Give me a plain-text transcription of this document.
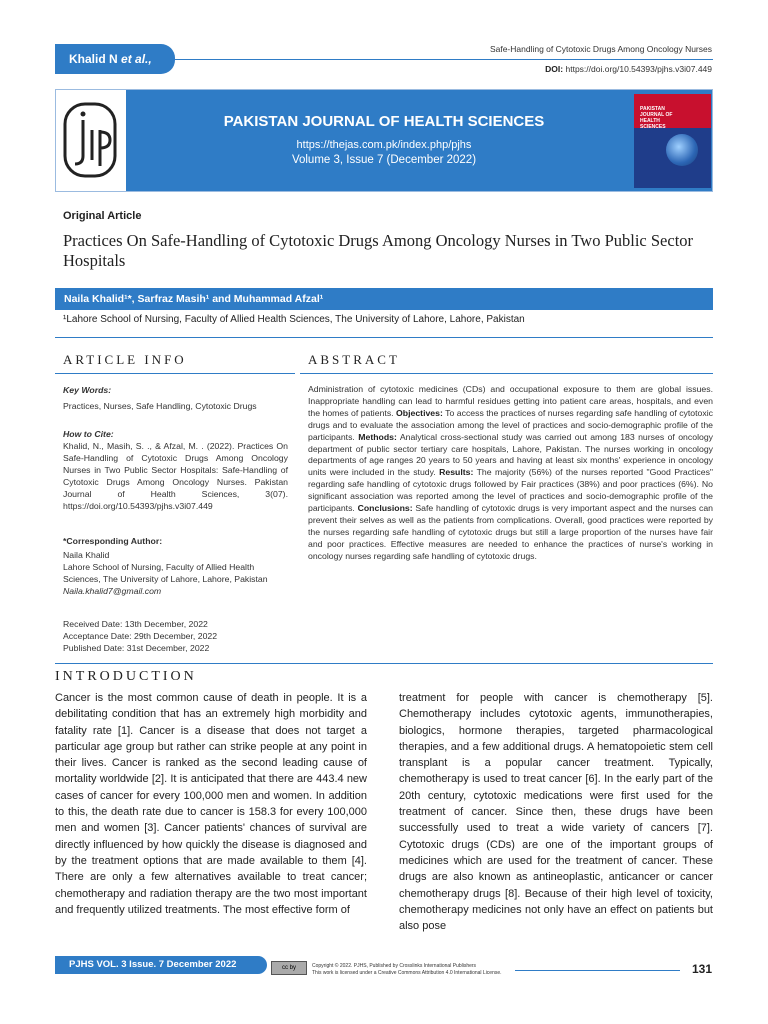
Khalid N et al.,
Safe-Handling of Cytotoxic Drugs Among Oncology Nurses
DOI: https://doi.org/10.54393/pjhs.v3i07.449
PAKISTAN JOURNAL OF HEALTH SCIENCES
https://thejas.com.pk/index.php/pjhs
Volume 3, Issue 7 (December 2022)
PAKISTAN JOURNAL OF HEALTH SCIENCES
Original Article
Practices On Safe-Handling of Cytotoxic Drugs Among Oncology Nurses in Two Public Sector Hospitals
Naila Khalid¹*, Sarfraz Masih¹ and Muhammad Afzal¹
¹Lahore School of Nursing, Faculty of Allied Health Sciences, The University of Lahore, Lahore, Pakistan
ARTICLE INFO
Key Words:
Practices, Nurses, Safe Handling, Cytotoxic Drugs
How to Cite:
Khalid, N., Masih, S. ., & Afzal, M. . (2022). Practices On Safe-Handling of Cytotoxic Drugs Among Oncology Nurses in Two Public Sector Hospitals: Safe-Handling of Cytotoxic Drugs Among Oncology Nurses. Pakistan Journal of Health Sciences, 3(07). https://doi.org/10.54393/pjhs.v3i07.449
*Corresponding Author:
Naila Khalid
Lahore School of Nursing, Faculty of Allied Health Sciences, The University of Lahore, Lahore, Pakistan
Naila.khalid7@gmail.com
Received Date: 13th December, 2022
Acceptance Date: 29th December, 2022
Published Date: 31st December, 2022
ABSTRACT
Administration of cytotoxic medicines (CDs) and occupational exposure to them are global issues. Inappropriate handling can lead to harmful residues getting into patient care areas, hospitals, and even the homes of patients. Objectives: To access the practices of nurses regarding safe handling of cytotoxic drugs and to evaluate the association among the level of practices and socio-demographic profile of the participants. Methods: Analytical cross-sectional study was carried out among 183 nurses of oncology department of public sector tertiary care hospitals, Lahore, Pakistan. The nurses working in oncology departments of age ranges 20 years to 50 years and having at least six months' experience in oncology units were included in the study. Results: The majority (56%) of the nurses reported "Good Practices" regarding safe handling of cytotoxic drugs followed by Fair practices (38%) and poor practices (6%). No significant association was reported among the level of practices and socio-demographic profile of the participants. Conclusions: Safe handling of cytotoxic drugs is very important aspect and the nurses can prevent their selves as well as the patients from complications. Overall, good practices were reported by the nurses regarding safe handling of cytotoxic drugs but still a large proportion of the nurses have fair and poor practices. Effective measures are needed to enhance the practices of nurse's working in oncology nurses regarding safe handling of cytotoxic drugs.
INTRODUCTION
Cancer is the most common cause of death in people. It is a debilitating condition that has an extremely high morbidity and fatality rate [1]. Cancer is a disease that does not target a particular age group but rather can strike people at any point in their lives. Cancer is ranked as the second leading cause of mortality worldwide [2]. It is anticipated that there are 443.4 new cases of cancer for every 100,000 men and women. In addition to this, the death rate due to cancer is 158.3 for every 100,000 men and women [3]. Cancer patients' chances of survival are directly influenced by how quickly the disease is diagnosed and by the treatment options that are made available to them [4]. There are only a few alternatives available to treat cancer; chemotherapy and radiation therapy are the two most important and frequently utilized treatments. The most effective form of
treatment for people with cancer is chemotherapy [5]. Chemotherapy includes cytotoxic agents, immunotherapies, biologics, hormone therapies, targeted pharmacological therapies, and a few additional drugs. A hematopoietic stem cell transplant is a popular cancer treatment. Typically, chemotherapy is used to treat cancer [6]. In the early part of the 20th century, cytotoxic medications were first used for the treatment of cancer. Since then, these drugs have been successfully used to treat a wide variety of cancers [7]. Cytotoxic drugs (CDs) are one of the important groups of medicines which are used for the treatment of cancer. These drugs are also known as antineoplastic, anticancer or cancer chemotherapy drugs [8]. Because of their high level of toxicity, chemotherapy medicines not only have an effect on patients but also pose
PJHS VOL. 3 Issue. 7 December 2022	cc by	Copyright © 2022. PJHS, Published by Crosslinks International Publishers
This work is licensed under a Creative Commons Attribution 4.0 International License.	131
